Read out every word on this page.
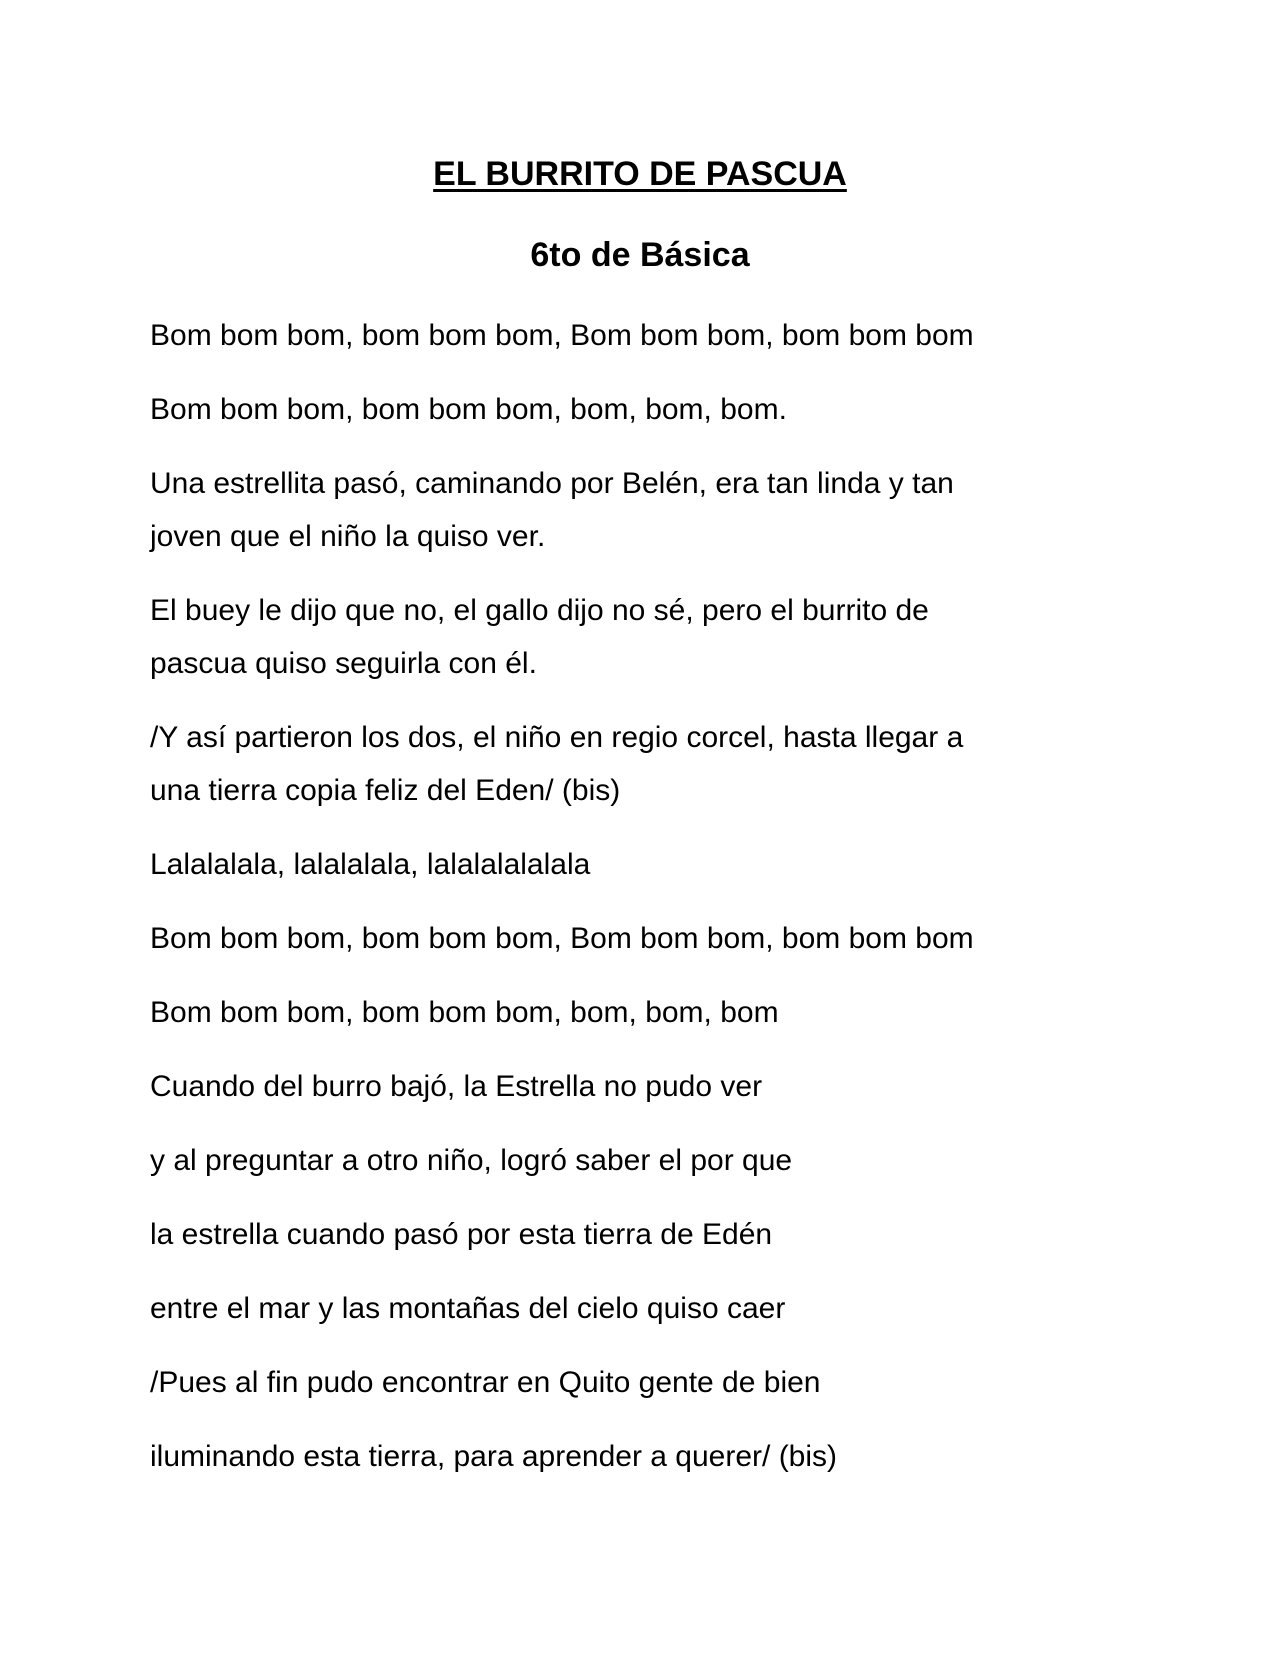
EL BURRITO DE PASCUA
6to de Básica

Bom bom bom, bom bom bom, Bom bom bom, bom bom bom

Bom bom bom, bom bom bom, bom, bom, bom.

Una estrellita pasó, caminando por Belén, era tan linda y tan
joven que el niño la quiso ver.

El buey le dijo que no, el gallo dijo no sé, pero el burrito de
pascua quiso seguirla con él.

/Y así partieron los dos, el niño en regio corcel, hasta llegar a
una tierra copia feliz del Eden/ (bis)

Lalalalala, lalalalala, lalalalalalala

Bom bom bom, bom bom bom, Bom bom bom, bom bom bom

Bom bom bom, bom bom bom, bom, bom, bom

Cuando del burro bajó, la Estrella no pudo ver

y al preguntar a otro niño, logró saber el por que

la estrella cuando pasó por esta tierra de Edén

entre el mar y las montañas del cielo quiso caer

/Pues al fin pudo encontrar en Quito gente de bien

iluminando esta tierra, para aprender a querer/ (bis)
